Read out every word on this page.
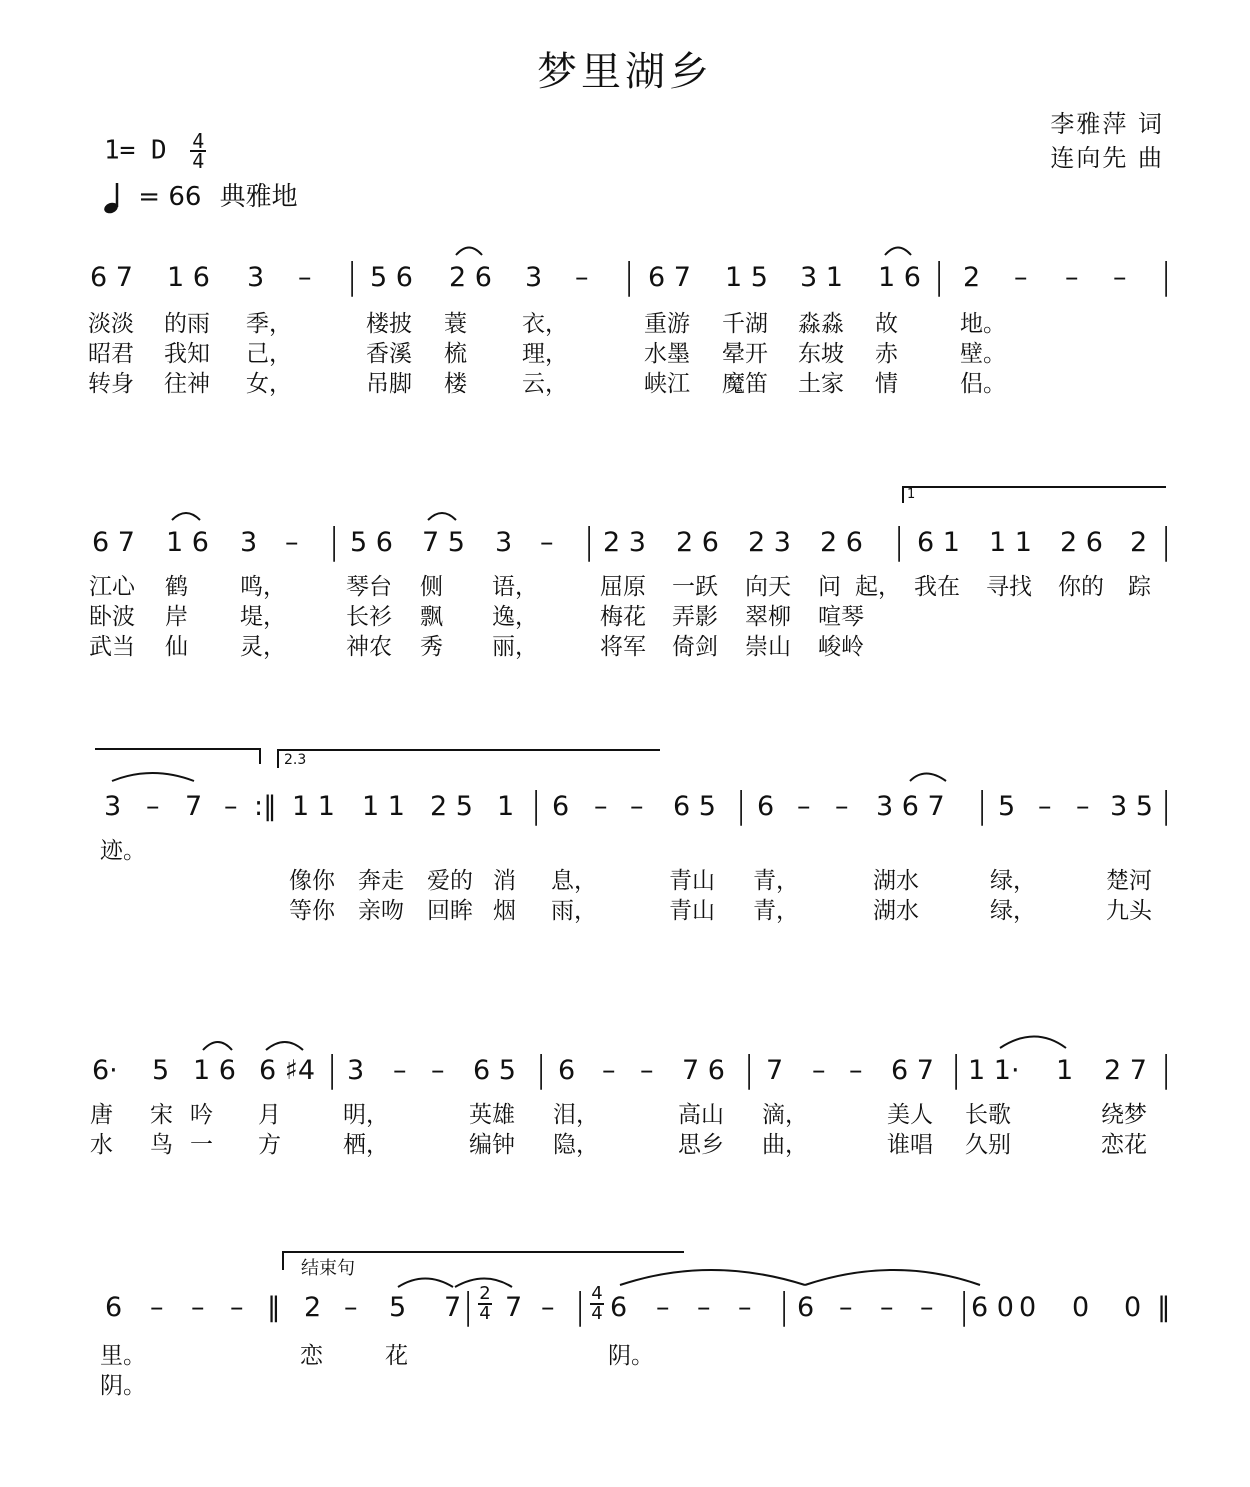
梦里湖乡
李雅萍 词
连向先 曲
1= D $\frac{4}{4}$
= 66 典雅地
6 7 1 6 3 – | 5 6 2 6 3 – | 6 7 1 5 3 1 1 6 | 2 – – – |
淡淡 的雨 季，	楼披 蓑 衣，	重游 千湖 淼淼 故	地。
昭君 我知 己，	香溪 梳 理，	水墨 晕开 东坡 赤	壁。
转身 往神 女，	吊脚 楼 云，	峡江 魔笛 土家 情	侣。
6 7 1 6 3 – | 5 6 7 5 3 – | 2 3 2 6 2 3 2 6 | 6 1 1 1 2 6 2 |
江心 鹤 鸣，	琴台 侧 语，	屈原 一跃 向天 问 起， 我在 寻找 你的 踪
卧波 岸 堤，	长衫 飘 逸，	梅花 弄影 翠柳 喧琴
武当 仙 灵，	神农 秀 丽，	将军 倚剑 崇山 峻岭
3 – 7 – :‖ 1 1 1 1 2 5 1 | 6 – – 6 5 | 6 – – 3 6 7 | 5 – – 3 5 |
迹。
像你 奔走 爱的 消 息，	青山 青，	湖水	绿，	楚河
等你 亲吻 回眸 烟 雨，	青山 青，	湖水	绿，	九头
6· 5 1 6 6 ♯4 | 3 – – 6 5 | 6 – – 7 6 | 7 – – 6 7 | 1 1· 1 2 7 |
唐 宋 吟 月	明，	英雄 泪，	高山 滴，	美人 长歌	绕梦
水 鸟 一 方	栖，	编钟 隐，	思乡 曲，	谁唱 久别	恋花
6 – – – ‖ 2 – 5 7 | 7 – | 6 – – – | 6 – – – | 6 0 0 0 0 ‖
里。	恋	花	阴。
阴。
1
2.3
结束句
2
4
4
4
